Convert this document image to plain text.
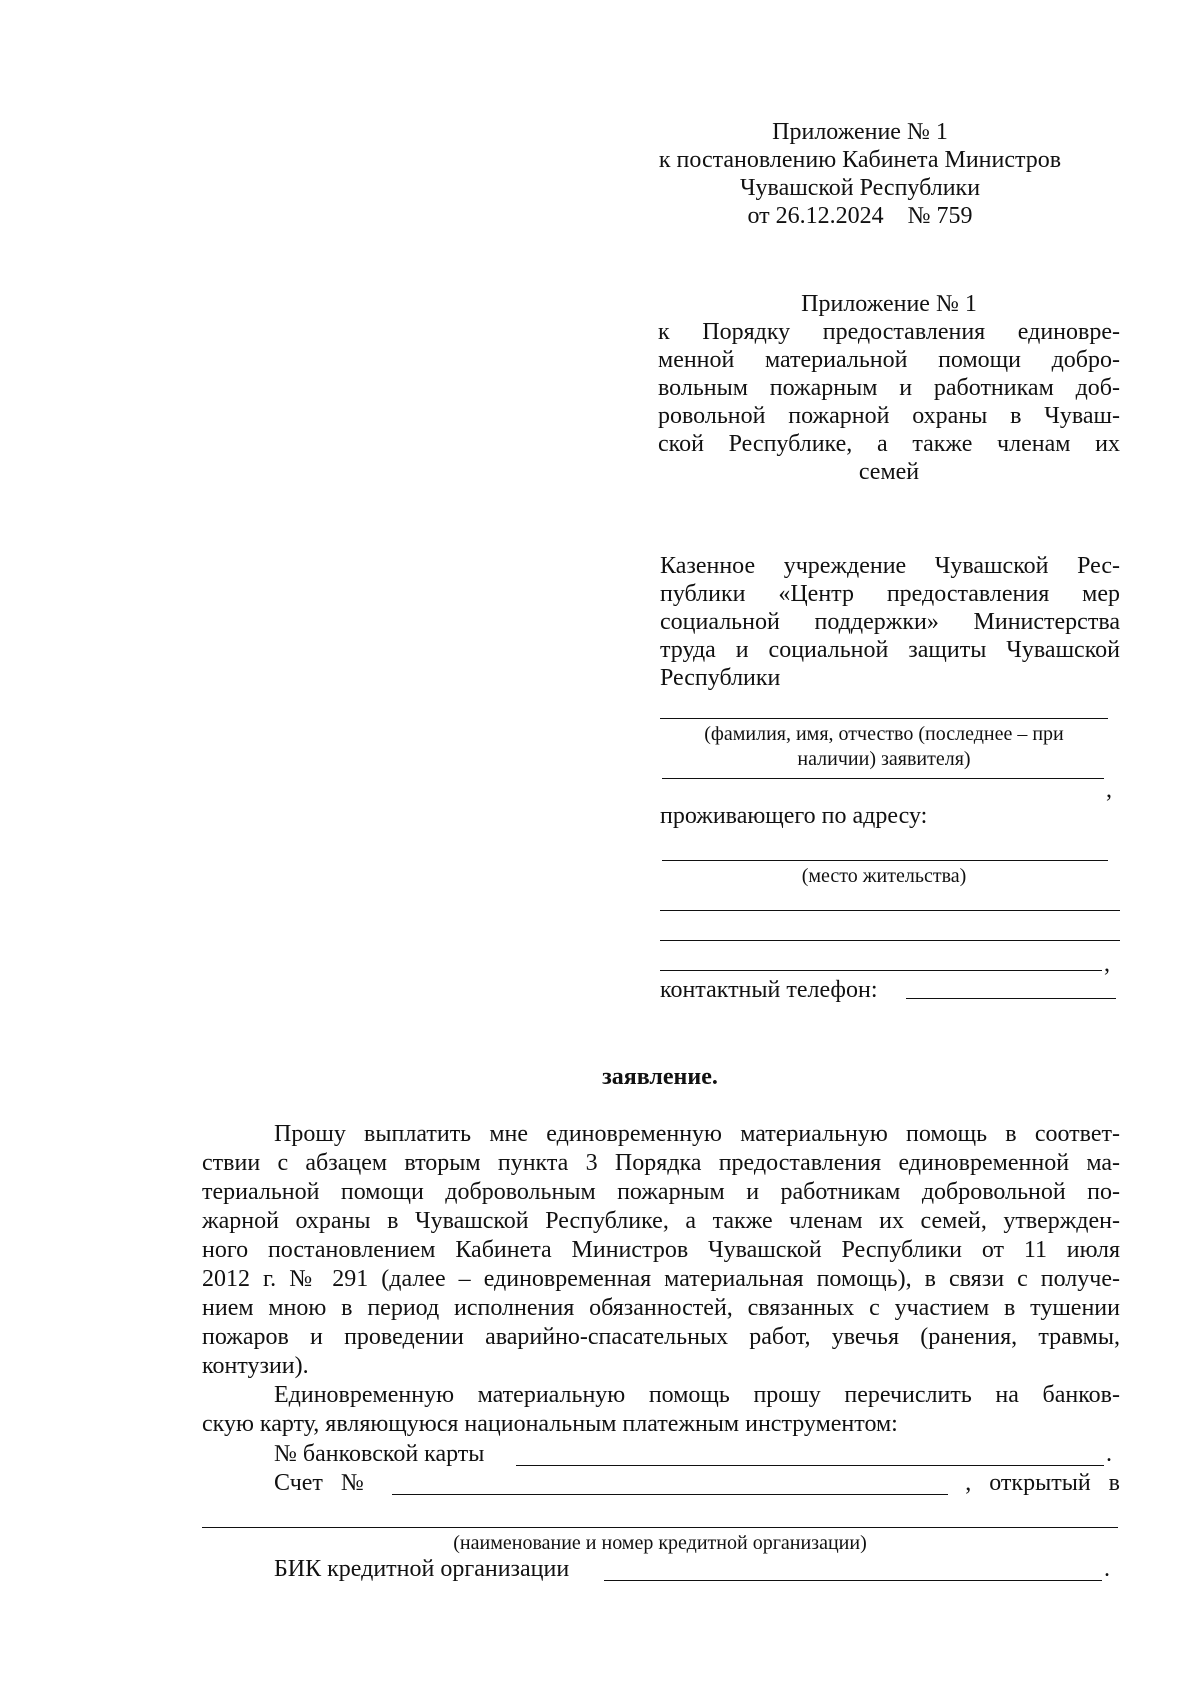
Приложение № 1
к постановлению Кабинета Министров
Чувашской Республики
от 26.12.2024    № 759
Приложение № 1
к Порядку предоставления единовре-
менной материальной помощи добро-
вольным пожарным и работникам доб-
ровольной пожарной охраны в Чуваш-
ской Республике, а также членам их
семей
Казенное учреждение Чувашской Рес-
публики «Центр предоставления мер
социальной поддержки» Министерства
труда и социальной защиты Чувашской
Республики
(фамилия, имя, отчество (последнее – при
наличии) заявителя)
,
проживающего по адресу:
(место жительства)
,
контактный телефон:
заявление.
Прошу выплатить мне единовременную материальную помощь в соответ-
ствии с абзацем вторым пункта 3 Порядка предоставления единовременной ма-
териальной помощи добровольным пожарным и работникам добровольной по-
жарной охраны в Чувашской Республике, а также членам их семей, утвержден-
ного постановлением Кабинета Министров Чувашской Республики от 11 июля
2012 г. № 291 (далее – единовременная материальная помощь), в связи с получе-
нием мною в период исполнения обязанностей, связанных с участием в тушении
пожаров и проведении аварийно-спасательных работ, увечья (ранения, травмы,
контузии).
Единовременную материальную помощь прошу перечислить на банков-
скую карту, являющуюся национальным платежным инструментом:
№ банковской карты	.
Счет   №	,   открытый   в
(наименование и номер кредитной организации)
БИК кредитной организации	.
